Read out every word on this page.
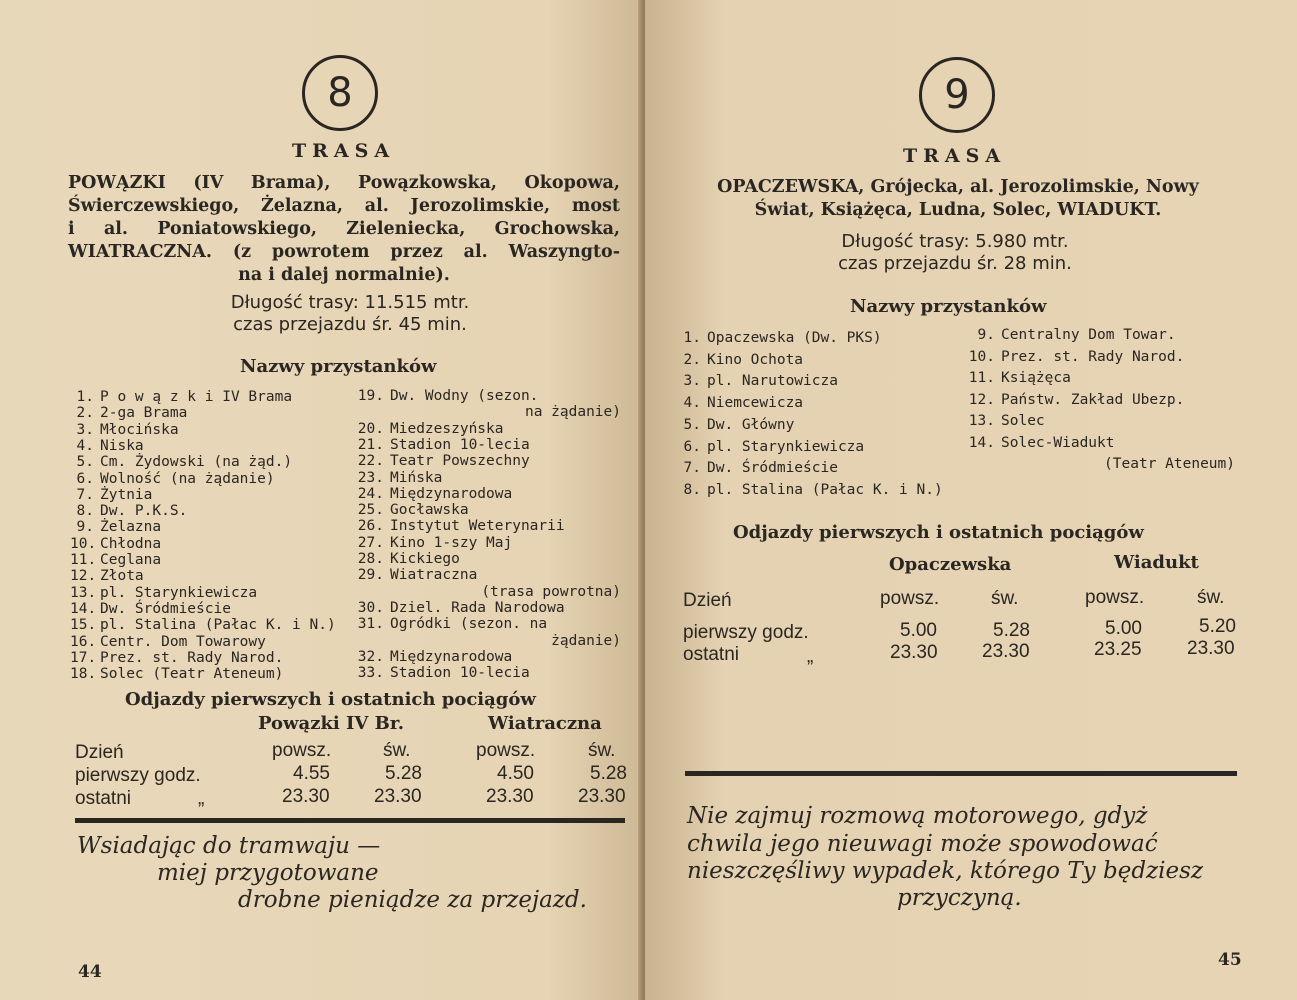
8
TRASA
POWĄZKI (IV Brama), Powązkowska, Okopowa,
Świerczewskiego, Żelazna, al. Jerozolimskie, most
i al. Poniatowskiego, Zieleniecka, Grochowska,
WIATRACZNA. (z powrotem przez al. Waszyngto-
na i dalej normalnie).
Długość trasy: 11.515 mtr.
czas przejazdu śr. 45 min.
Nazwy przystanków
1. P o w ą z k i IV Brama
2. 2-ga Brama
3. Młocińska
4. Niska
5. Cm. Żydowski (na żąd.)
6. Wolność (na żądanie)
7. Żytnia
8. Dw. P.K.S.
9. Żelazna
10. Chłodna
11. Ceglana
12. Złota
13. pl. Starynkiewicza
14. Dw. Śródmieście
15. pl. Stalina (Pałac K. i N.)
16. Centr. Dom Towarowy
17. Prez. st. Rady Narod.
18. Solec (Teatr Ateneum)
19. Dw. Wodny (sezon.
na żądanie)
20. Miedzeszyńska
21. Stadion 10-lecia
22. Teatr Powszechny
23. Mińska
24. Międzynarodowa
25. Gocławska
26. Instytut Weterynarii
27. Kino 1-szy Maj
28. Kickiego
29. Wiatraczna
(trasa powrotna)
30. Dziel. Rada Narodowa
31. Ogródki (sezon. na
żądanie)
32. Międzynarodowa
33. Stadion 10-lecia
Odjazdy pierwszych i ostatnich pociągów
Powązki IV Br.	Wiatraczna
Dzień	powsz.	św.	powsz.	św.
pierwszy godz.	4.55	5.28	4.50	5.28
ostatni	„	23.30 23.30	23.30 23.30
Wsiadając do tramwaju —
miej przygotowane
drobne pieniądze za przejazd.
44
9
TRASA
OPACZEWSKA, Grójecka, al. Jerozolimskie, Nowy
Świat, Książęca, Ludna, Solec, WIADUKT.
Długość trasy: 5.980 mtr.
czas przejazdu śr. 28 min.
Nazwy przystanków
1. Opaczewska (Dw. PKS)
2. Kino Ochota
3. pl. Narutowicza
4. Niemcewicza
5. Dw. Główny
6. pl. Starynkiewicza
7. Dw. Śródmieście
8. pl. Stalina (Pałac K. i N.)
9. Centralny Dom Towar.
10. Prez. st. Rady Narod.
11. Książęca
12. Państw. Zakład Ubezp.
13. Solec
14. Solec-Wiadukt
(Teatr Ateneum)
Odjazdy pierwszych i ostatnich pociągów
Opaczewska	Wiadukt
Dzień	powsz.	św.	powsz.	św.
pierwszy godz.	5.00	5.28	5.00	5.20
ostatni	„	23.30 23.30	23.25 23.30
Nie zajmuj rozmową motorowego, gdyż
chwila jego nieuwagi może spowodować
nieszczęśliwy wypadek, którego Ty będziesz
przyczyną.
45
